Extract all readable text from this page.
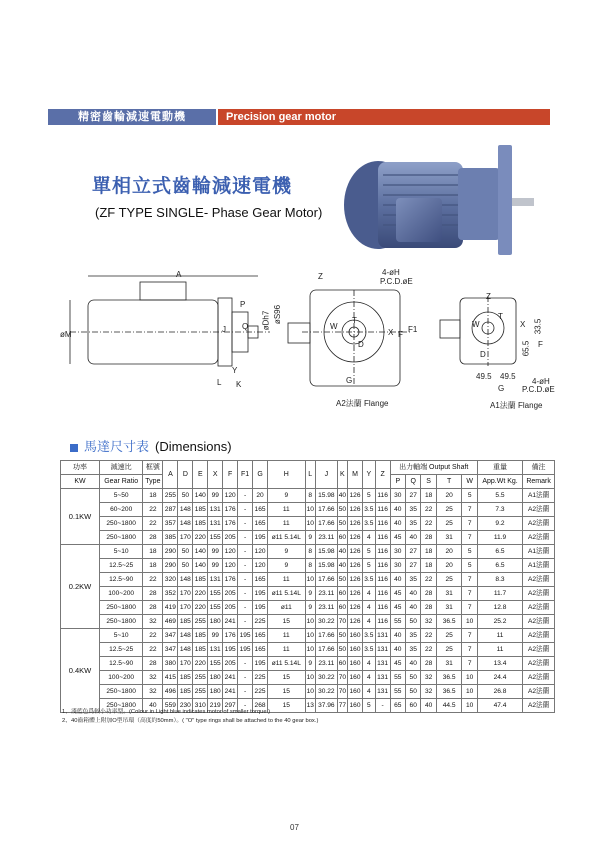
精密齒輪減速電動機	Precision gear motor
單相立式齒輪減速電機
(ZF TYPE SINGLE- Phase Gear Motor)
A
øM
L K
Y
P
J	øDh7 øS96
Q
Z	4-øH
P.C.D.øE
X F1
F
G
W
T
D
A2法蘭 Flange
Z
T
X 33.5
65.5 F
49.5 49.5
G
4-øH
P.C.D.øE
W
D
A1法蘭 Flange
馬達尺寸表 (Dimensions)
功率	減速比	框號	A	D	E	X	F	F1	G	H	L	J	K	M	Y	Z	出力軸端 Output Shaft					重量	備注
KW	Gear Ratio	Type															P	Q	S	T	W	App.Wt Kg.	Remark
0.1KW	5~50	18	255	50	140	99	120	-	20	9	8	15.98	40	126	5	116	30	27	18	20	5	5.5	A1法蘭
	60~200	22	287	148	185	131	176	-	165	11	10	17.66	50	126	3.5	116	40	35	22	25	7	7.3	A2法蘭
	250~1800	22	357	148	185	131	176	-	165	11	10	17.66	50	126	3.5	116	40	35	22	25	7	9.2	A2法蘭
	250~1800	28	385	170	220	155	205	-	195	ø11 5.14L	9	23.11	60	126	4	116	45	40	28	31	7	11.9	A2法蘭
0.2KW	5~10	18	290	50	140	99	120	-	120	9	8	15.98	40	126	5	116	30	27	18	20	5	6.5	A1法蘭
	12.5~25	18	290	50	140	99	120	-	120	9	8	15.98	40	126	5	116	30	27	18	20	5	6.5	A1法蘭
	12.5~90	22	320	148	185	131	176	-	165	11	10	17.66	50	126	3.5	116	40	35	22	25	7	8.3	A2法蘭
	100~200	28	352	170	220	155	205	-	195	ø11 5.14L	9	23.11	60	126	4	116	45	40	28	31	7	11.7	A2法蘭
	250~1800	28	419	170	220	155	205	-	195	ø11	9	23.11	60	126	4	116	45	40	28	31	7	12.8	A2法蘭
	250~1800	32	469	185	255	180	241	-	225	15	10	30.22	70	126	4	116	55	50	32	36.5	10	25.2	A2法蘭
0.4KW	5~10	22	347	148	185	99	176	195	165	11	10	17.66	50	160	3.5	131	40	35	22	25	7	11	A2法蘭
	12.5~25	22	347	148	185	131	195	195	165	11	10	17.66	50	160	3.5	131	40	35	22	25	7	11	A2法蘭
	12.5~90	28	380	170	220	155	205	-	195	ø11 5.14L	9	23.11	60	160	4	131	45	40	28	31	7	13.4	A2法蘭
	100~200	32	415	185	255	180	241	-	225	15	10	30.22	70	160	4	131	55	50	32	36.5	10	24.4	A2法蘭
	250~1800	32	496	185	255	180	241	-	225	15	10	30.22	70	160	4	131	55	50	32	36.5	10	26.8	A2法蘭
	250~1800	40	559	230	310	219	297	-	268	15	13	37.96	77	160	5	-	65	60	40	44.5	10	47.4	A2法蘭
1、淺藍色爲較小功率型。(Colour in Light blue indicates motor of smaller torque.)
2、40齒箱體上附加O型吊環（高度約50mm）。( "O" type rings shall be attached to the 40 gear box.)
07
